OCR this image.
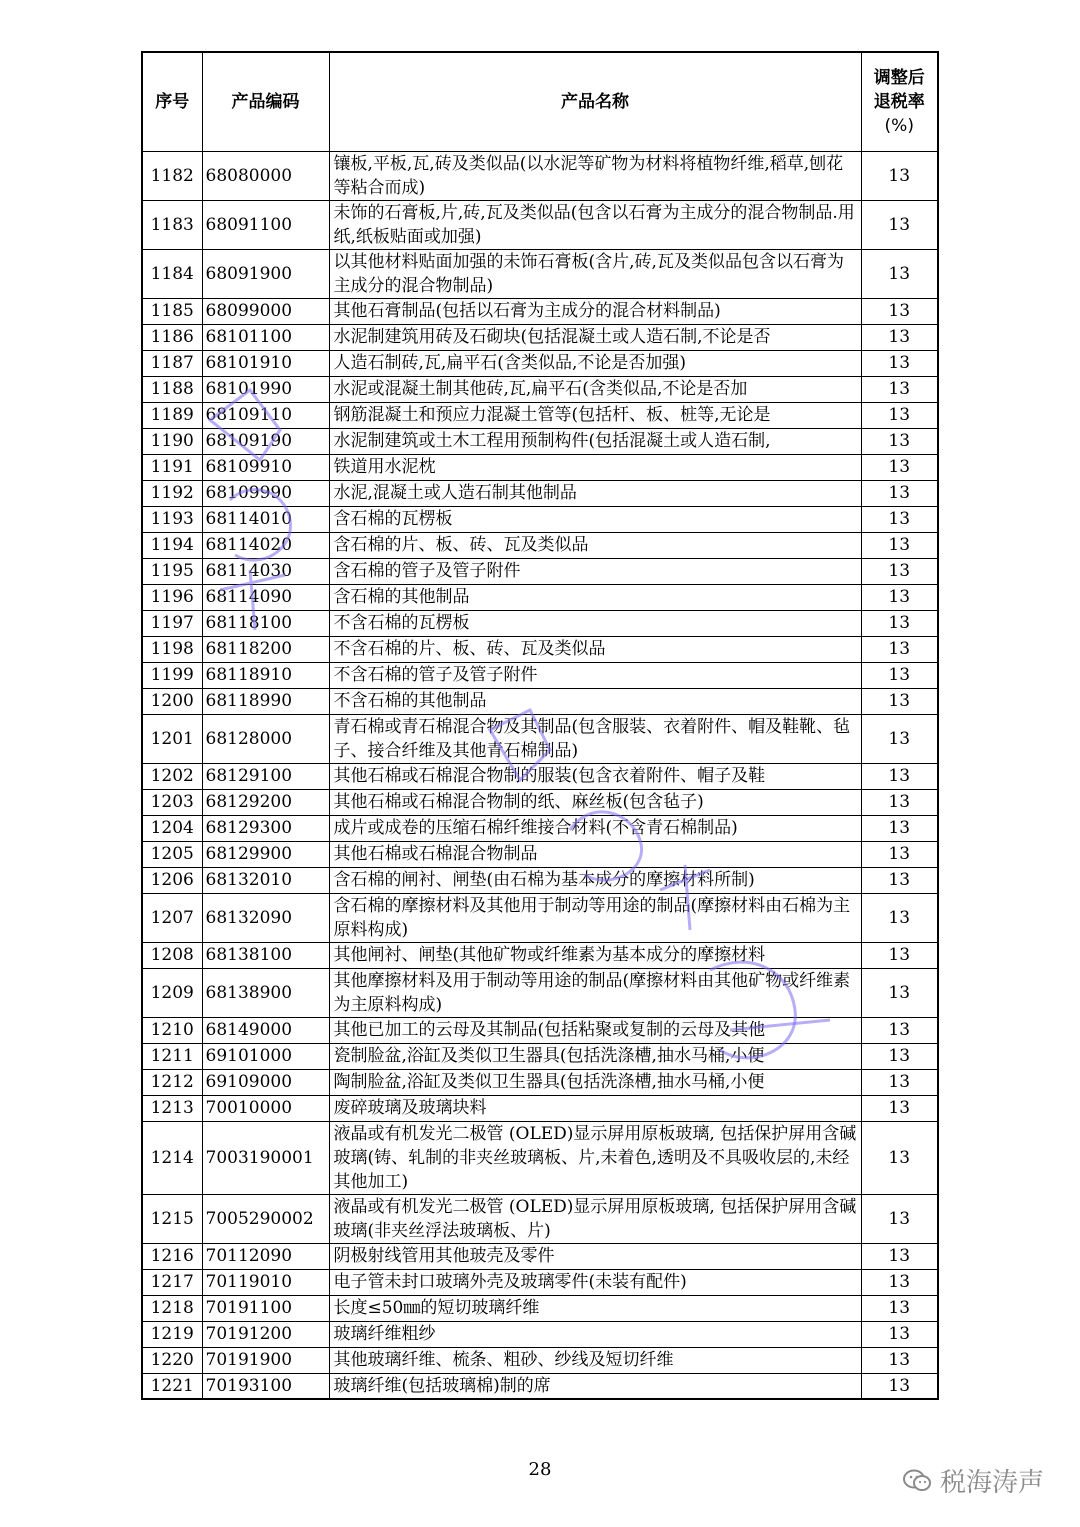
序号	产品编码	产品名称	调整后
退税率
(%)

1182	68080000	镶板,平板,瓦,砖及类似品(以水泥等矿物为材料将植物纤维,稻草,刨花等粘合而成)	13
1183	68091100	未饰的石膏板,片,砖,瓦及类似品(包含以石膏为主成分的混合物制品.用纸,纸板贴面或加强)	13
1184	68091900	以其他材料贴面加强的未饰石膏板(含片,砖,瓦及类似品包含以石膏为主成分的混合物制品)	13
1185	68099000	其他石膏制品(包括以石膏为主成分的混合材料制品)	13
1186	68101100	水泥制建筑用砖及石砌块(包括混凝土或人造石制,不论是否	13
1187	68101910	人造石制砖,瓦,扁平石(含类似品,不论是否加强)	13
1188	68101990	水泥或混凝土制其他砖,瓦,扁平石(含类似品,不论是否加	13
1189	68109110	钢筋混凝土和预应力混凝土管等(包括杆、板、桩等,无论是	13
1190	68109190	水泥制建筑或土木工程用预制构件(包括混凝土或人造石制,	13
1191	68109910	铁道用水泥枕	13
1192	68109990	水泥,混凝土或人造石制其他制品	13
1193	68114010	含石棉的瓦楞板	13
1194	68114020	含石棉的片、板、砖、瓦及类似品	13
1195	68114030	含石棉的管子及管子附件	13
1196	68114090	含石棉的其他制品	13
1197	68118100	不含石棉的瓦楞板	13
1198	68118200	不含石棉的片、板、砖、瓦及类似品	13
1199	68118910	不含石棉的管子及管子附件	13
1200	68118990	不含石棉的其他制品	13
1201	68128000	青石棉或青石棉混合物及其制品(包含服装、衣着附件、帽及鞋靴、毡子、接合纤维及其他青石棉制品)	13
1202	68129100	其他石棉或石棉混合物制的服装(包含衣着附件、帽子及鞋	13
1203	68129200	其他石棉或石棉混合物制的纸、麻丝板(包含毡子)	13
1204	68129300	成片或成卷的压缩石棉纤维接合材料(不含青石棉制品)	13
1205	68129900	其他石棉或石棉混合物制品	13
1206	68132010	含石棉的闸衬、闸垫(由石棉为基本成分的摩擦材料所制)	13
1207	68132090	含石棉的摩擦材料及其他用于制动等用途的制品(摩擦材料由石棉为主原料构成)	13
1208	68138100	其他闸衬、闸垫(其他矿物或纤维素为基本成分的摩擦材料	13
1209	68138900	其他摩擦材料及用于制动等用途的制品(摩擦材料由其他矿物或纤维素为主原料构成)	13
1210	68149000	其他已加工的云母及其制品(包括粘聚或复制的云母及其他	13
1211	69101000	瓷制脸盆,浴缸及类似卫生器具(包括洗涤槽,抽水马桶,小便	13
1212	69109000	陶制脸盆,浴缸及类似卫生器具(包括洗涤槽,抽水马桶,小便	13
1213	70010000	废碎玻璃及玻璃块料	13
1214	7003190001	液晶或有机发光二极管 (OLED)显示屏用原板玻璃, 包括保护屏用含碱玻璃(铸、轧制的非夹丝玻璃板、片,未着色,透明及不具吸收层的,未经其他加工)	13
1215	7005290002	液晶或有机发光二极管 (OLED)显示屏用原板玻璃, 包括保护屏用含碱玻璃(非夹丝浮法玻璃板、片)	13
1216	70112090	阴极射线管用其他玻壳及零件	13
1217	70119010	电子管未封口玻璃外壳及玻璃零件(未装有配件)	13
1218	70191100	长度≤50㎜的短切玻璃纤维	13
1219	70191200	玻璃纤维粗纱	13
1220	70191900	其他玻璃纤维、梳条、粗砂、纱线及短切纤维	13
1221	70193100	玻璃纤维(包括玻璃棉)制的席	13
28	税海涛声
